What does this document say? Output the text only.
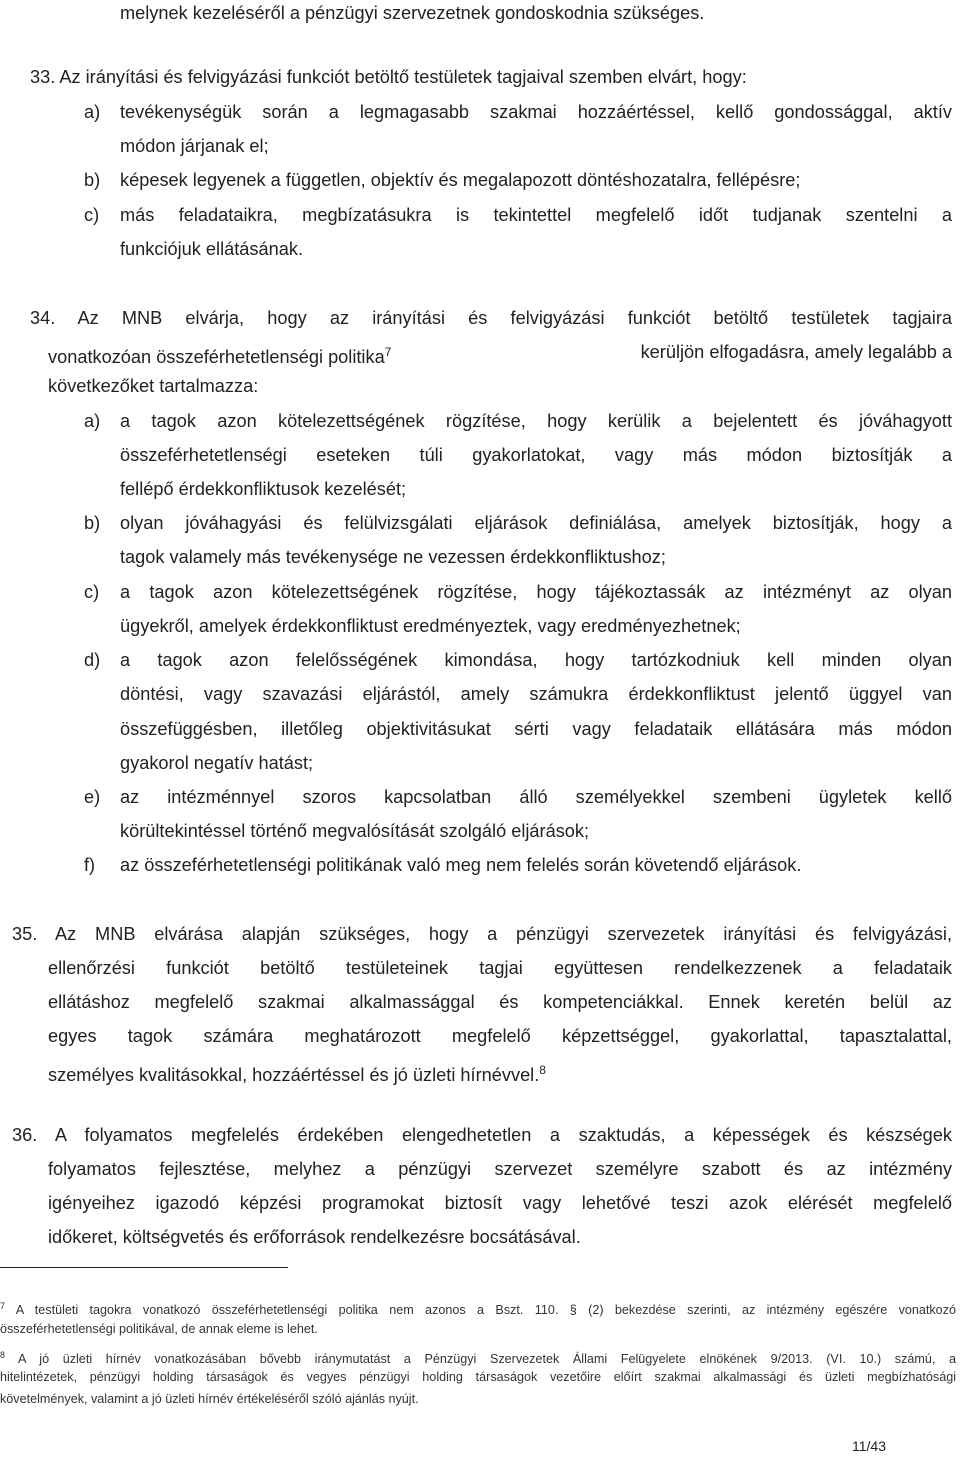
melynek kezeléséről a pénzügyi szervezetnek gondoskodnia szükséges.
33. Az irányítási és felvigyázási funkciót betöltő testületek tagjaival szemben elvárt, hogy:
a) tevékenységük során a legmagasabb szakmai hozzáértéssel, kellő gondossággal, aktív
módon járjanak el;
b) képesek legyenek a független, objektív és megalapozott döntéshozatalra, fellépésre;
c) más feladataikra, megbízatásukra is tekintettel megfelelő időt tudjanak szentelni a
funkciójuk ellátásának.
34. Az MNB elvárja, hogy az irányítási és felvigyázási funkciót betöltő testületek tagjaira
vonatkozóan összeférhetetlenségi politika$^7$	kerüljön elfogadásra, amely legalább a
következőket tartalmazza:
a) a tagok azon kötelezettségének rögzítése, hogy kerülik a bejelentett és jóváhagyott
összeférhetetlenségi eseteken túli gyakorlatokat, vagy más módon biztosítják a
fellépő érdekkonfliktusok kezelését;
b) olyan jóváhagyási és felülvizsgálati eljárások definiálása, amelyek biztosítják, hogy a
tagok valamely más tevékenysége ne vezessen érdekkonfliktushoz;
c) a tagok azon kötelezettségének rögzítése, hogy tájékoztassák az intézményt az olyan
ügyekről, amelyek érdekkonfliktust eredményeztek, vagy eredményezhetnek;
d) a tagok azon felelősségének kimondása, hogy tartózkodniuk kell minden olyan
döntési, vagy szavazási eljárástól, amely számukra érdekkonfliktust jelentő üggyel van
összefüggésben, illetőleg objektivitásukat sérti vagy feladataik ellátására más módon
gyakorol negatív hatást;
e) az intézménnyel szoros kapcsolatban álló személyekkel szembeni ügyletek kellő
körültekintéssel történő megvalósítását szolgáló eljárások;
f) az összeférhetetlenségi politikának való meg nem felelés során követendő eljárások.
35. Az MNB elvárása alapján szükséges, hogy a pénzügyi szervezetek irányítási és felvigyázási,
ellenőrzési funkciót betöltő testületeinek tagjai együttesen rendelkezzenek a feladataik
ellátáshoz megfelelő szakmai alkalmassággal és kompetenciákkal. Ennek keretén belül az
egyes tagok számára meghatározott megfelelő képzettséggel, gyakorlattal, tapasztalattal,
személyes kvalitásokkal, hozzáértéssel és jó üzleti hírnévvel.$^8$
36. A folyamatos megfelelés érdekében elengedhetetlen a szaktudás, a képességek és készségek
folyamatos fejlesztése, melyhez a pénzügyi szervezet személyre szabott és az intézmény
igényeihez igazodó képzési programokat biztosít vagy lehetővé teszi azok elérését megfelelő
időkeret, költségvetés és erőforrások rendelkezésre bocsátásával.
$^7$ A testületi tagokra vonatkozó összeférhetetlenségi politika nem azonos a Bszt. 110. § (2) bekezdése szerinti, az intézmény egészére vonatkozó
összeférhetetlenségi politikával, de annak eleme is lehet.
$^8$ A jó üzleti hírnév vonatkozásában bővebb iránymutatást a Pénzügyi Szervezetek Állami Felügyelete elnökének 9/2013. (VI. 10.) számú, a
hitelintézetek, pénzügyi holding társaságok és vegyes pénzügyi holding társaságok vezetőire előírt szakmai alkalmassági és üzleti megbízhatósági
követelmények, valamint a jó üzleti hírnév értékeléséről szóló ajánlás nyújt.
11/43
